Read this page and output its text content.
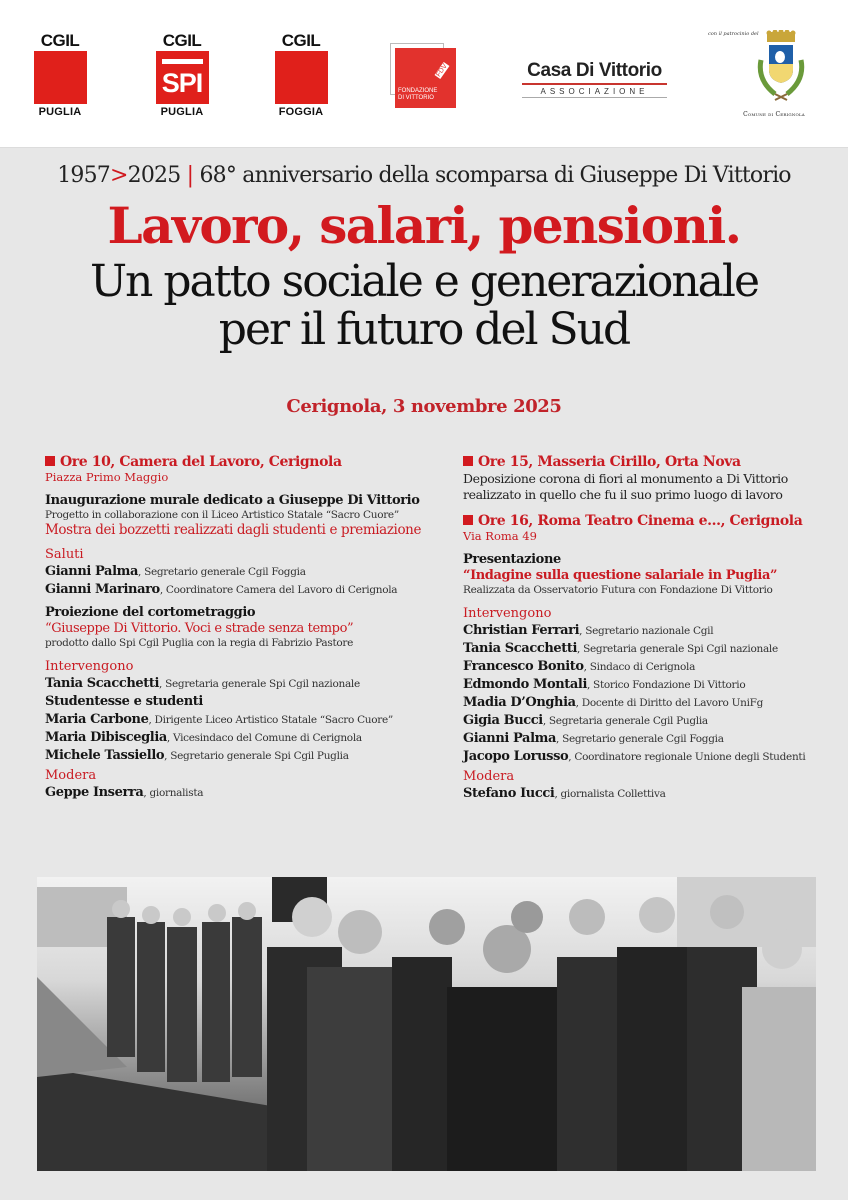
CGIL
PUGLIA
CGIL
SPI
PUGLIA
CGIL
FOGGIA
FDV
FONDAZIONE
DI VITTORIO
Casa Di Vittorio
ASSOCIAZIONE
con il patrocinio del
Comune di Cerignola
1957>2025 | 68° anniversario della scomparsa di Giuseppe Di Vittorio
Lavoro, salari, pensioni.
Un patto sociale e generazionale
per il futuro del Sud
Cerignola, 3 novembre 2025
Ore 10, Camera del Lavoro, Cerignola
Piazza Primo Maggio
Inaugurazione murale dedicato a Giuseppe Di Vittorio
Progetto in collaborazione con il Liceo Artistico Statale “Sacro Cuore”
Mostra dei bozzetti realizzati dagli studenti e premiazione
Saluti
Gianni Palma, Segretario generale Cgil Foggia
Gianni Marinaro, Coordinatore Camera del Lavoro di Cerignola
Proiezione del cortometraggio
“Giuseppe Di Vittorio. Voci e strade senza tempo”
prodotto dallo Spi Cgil Puglia con la regia di Fabrizio Pastore
Intervengono
Tania Scacchetti, Segretaria generale Spi Cgil nazionale
Studentesse e studenti
Maria Carbone, Dirigente Liceo Artistico Statale “Sacro Cuore”
Maria Dibisceglia, Vicesindaco del Comune di Cerignola
Michele Tassiello, Segretario generale Spi Cgil Puglia
Modera
Geppe Inserra, giornalista
Ore 15, Masseria Cirillo, Orta Nova
Deposizione corona di fiori al monumento a Di Vittorio
realizzato in quello che fu il suo primo luogo di lavoro
Ore 16, Roma Teatro Cinema e..., Cerignola
Via Roma 49
Presentazione
“Indagine sulla questione salariale in Puglia”
Realizzata da Osservatorio Futura con Fondazione Di Vittorio
Intervengono
Christian Ferrari, Segretario nazionale Cgil
Tania Scacchetti, Segretaria generale Spi Cgil nazionale
Francesco Bonito, Sindaco di Cerignola
Edmondo Montali, Storico Fondazione Di Vittorio
Madia D’Onghia, Docente di Diritto del Lavoro UniFg
Gigia Bucci, Segretaria generale Cgil Puglia
Gianni Palma, Segretario generale Cgil Foggia
Jacopo Lorusso, Coordinatore regionale Unione degli Studenti
Modera
Stefano Iucci, giornalista Collettiva
